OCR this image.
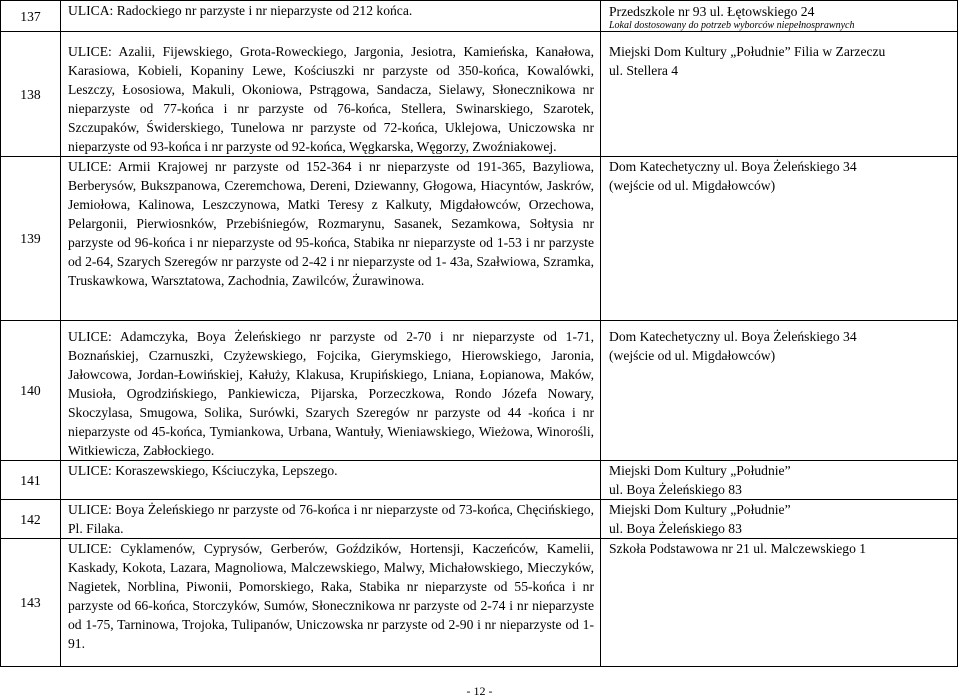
137	ULICA: Radockiego nr parzyste i nr nieparzyste od 212 końca.	Przedszkole nr 93 ul. Łętowskiego 24
Lokal dostosowany do potrzeb wyborców niepełnosprawnych

138	ULICE: Azalii, Fijewskiego, Grota-Roweckiego, Jargonia, Jesiotra, Kamieńska, Kanałowa, Karasiowa, Kobieli, Kopaniny Lewe, Kościuszki nr parzyste od 350-końca, Kowalówki, Leszczy, Łososiowa, Makuli, Okoniowa, Pstrągowa, Sandacza, Sielawy, Słonecznikowa nr nieparzyste od 77-końca i nr parzyste od 76-końca, Stellera, Swinarskiego, Szarotek, Szczupaków, Świderskiego, Tunelowa nr parzyste od 72-końca, Uklejowa, Uniczowska nr nieparzyste od 93-końca i nr parzyste od 92-końca, Węgkarska, Węgorzy, Zwoźniakowej.	Miejski Dom Kultury „Południe” Filia w Zarzeczu
ul. Stellera 4

139	ULICE: Armii Krajowej nr parzyste od 152-364 i nr nieparzyste od 191-365, Bazyliowa, Berberysów, Bukszpanowa, Czeremchowa, Dereni, Dziewanny, Głogowa, Hiacyntów, Jaskrów, Jemiołowa, Kalinowa, Leszczynowa, Matki Teresy z Kalkuty, Migdałowców, Orzechowa, Pelargonii, Pierwiosnków, Przebiśniegów, Rozmarynu, Sasanek, Sezamkowa, Sołtysia nr parzyste od 96-końca i nr nieparzyste od 95-końca, Stabika nr nieparzyste od 1-53 i nr parzyste od 2-64, Szarych Szeregów nr parzyste od 2-42 i nr nieparzyste od 1- 43a, Szałwiowa, Szramka, Truskawkowa, Warsztatowa, Zachodnia, Zawilców, Żurawinowa.	Dom Katechetyczny ul. Boya Żeleńskiego 34
(wejście od ul. Migdałowców)

140	ULICE: Adamczyka, Boya Żeleńskiego nr parzyste od 2-70 i nr nieparzyste od 1-71, Boznańskiej, Czarnuszki, Czyżewskiego, Fojcika, Gierymskiego, Hierowskiego, Jaronia, Jałowcowa, Jordan-Łowińskiej, Kałuży, Klakusa, Krupińskiego, Lniana, Łopianowa, Maków, Musioła, Ogrodzińskiego, Pankiewicza, Pijarska, Porzeczkowa, Rondo Józefa Nowary, Skoczylasa, Smugowa, Solika, Surówki, Szarych Szeregów nr parzyste od 44 -końca i nr nieparzyste od 45-końca, Tymiankowa, Urbana, Wantuły, Wieniawskiego, Wieżowa, Winorośli, Witkiewicza, Zabłockiego.	Dom Katechetyczny ul. Boya Żeleńskiego 34
(wejście od ul. Migdałowców)

141	ULICE: Koraszewskiego, Kściuczyka, Lepszego.	Miejski Dom Kultury „Południe”
ul. Boya Żeleńskiego 83

142	ULICE: Boya Żeleńskiego nr parzyste od 76-końca i nr nieparzyste od 73-końca, Chęcińskiego, Pl. Filaka.	Miejski Dom Kultury „Południe”
ul. Boya Żeleńskiego 83

143	ULICE: Cyklamenów, Cyprysów, Gerberów, Goździków, Hortensji, Kaczeńców, Kamelii, Kaskady, Kokota, Lazara, Magnoliowa, Malczewskiego, Malwy, Michałowskiego, Mieczyków, Nagietek, Norblina, Piwonii, Pomorskiego, Raka, Stabika nr nieparzyste od 55-końca i nr parzyste od 66-końca, Storczyków, Sumów, Słonecznikowa nr parzyste od 2-74 i nr nieparzyste od 1-75, Tarninowa, Trojoka, Tulipanów, Uniczowska nr parzyste od 2-90 i nr nieparzyste od 1-91.	Szkoła Podstawowa nr 21 ul. Malczewskiego 1
- 12 -
